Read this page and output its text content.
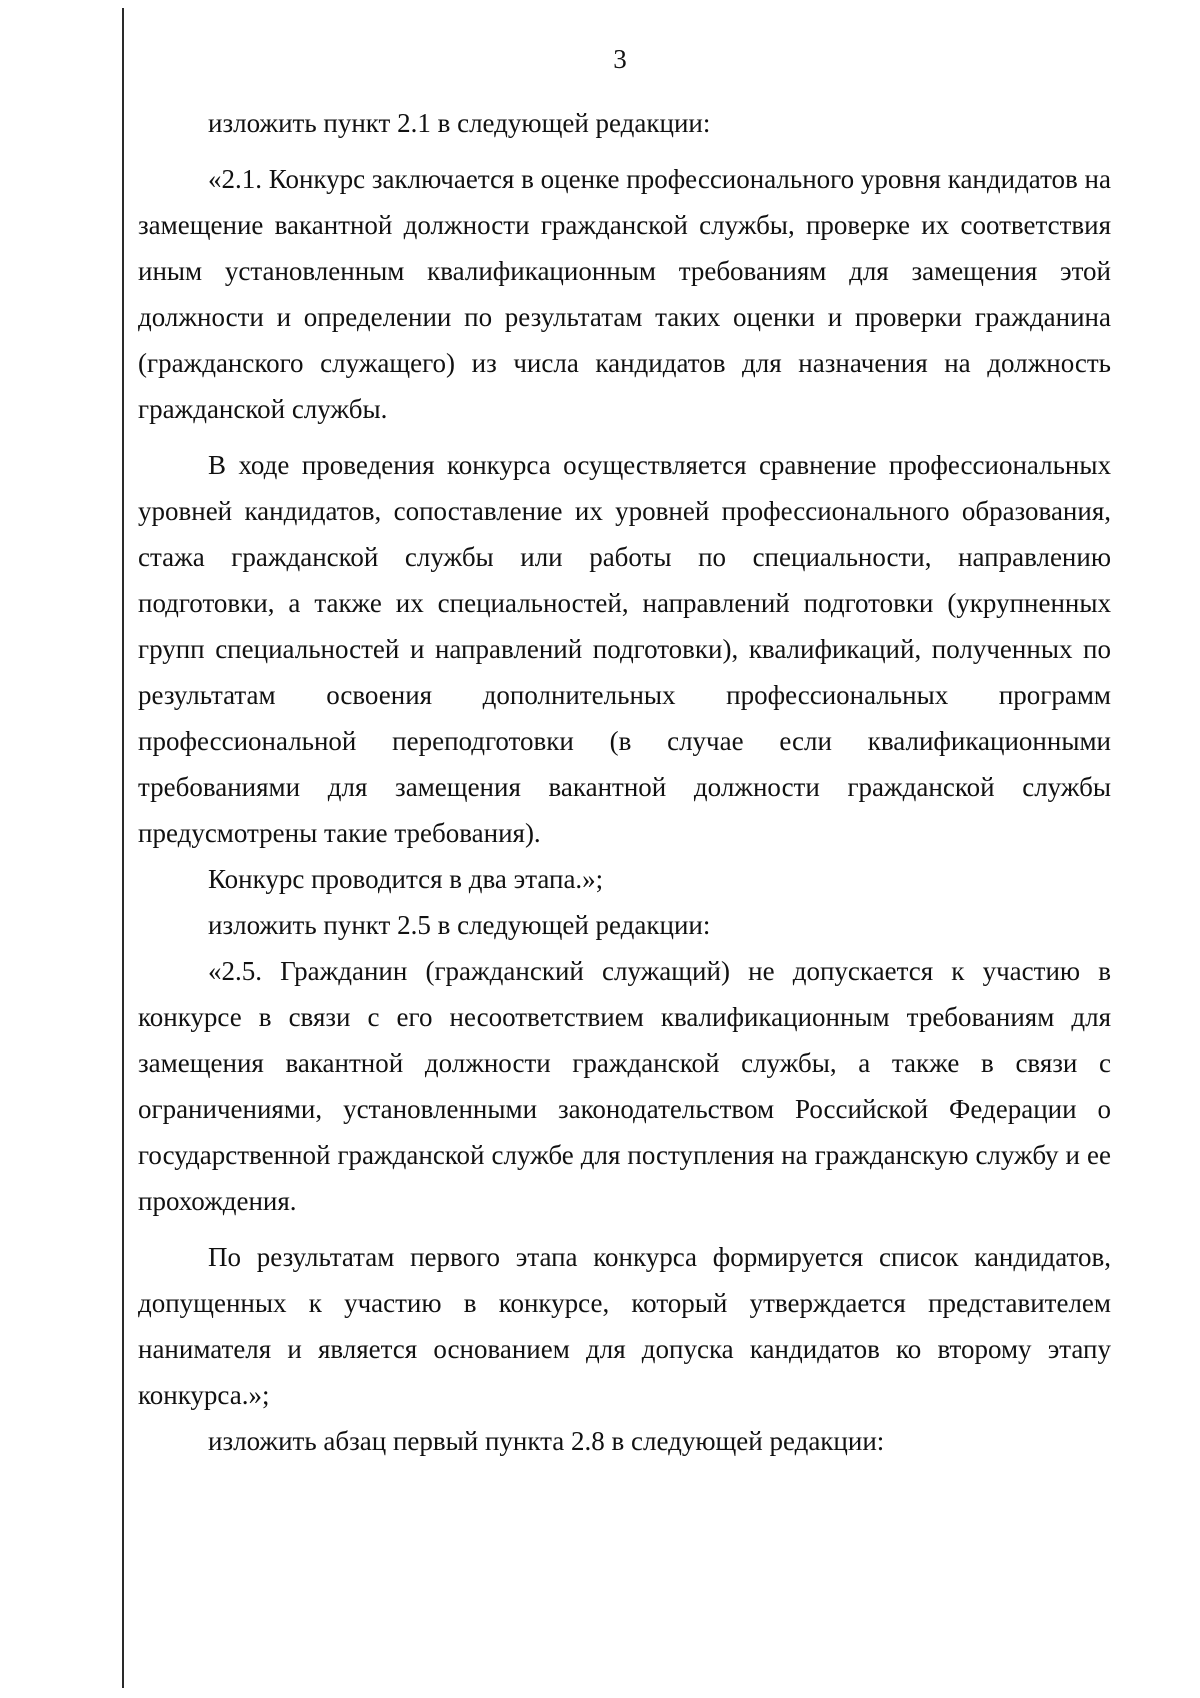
3

изложить пункт 2.1 в следующей редакции:

«2.1. Конкурс заключается в оценке профессионального уровня кандидатов на замещение вакантной должности гражданской службы, проверке их соответствия иным установленным квалификационным требованиям для замещения этой должности и определении по результатам таких оценки и проверки гражданина (гражданского служащего) из числа кандидатов для назначения на должность гражданской службы.

В ходе проведения конкурса осуществляется сравнение профессиональных уровней кандидатов, сопоставление их уровней профессионального образования, стажа гражданской службы или работы по специальности, направлению подготовки, а также их специальностей, направлений подготовки (укрупненных групп специальностей и направлений подготовки), квалификаций, полученных по результатам освоения дополнительных профессиональных программ профессиональной переподготовки (в случае если квалификационными требованиями для замещения вакантной должности гражданской службы предусмотрены такие требования).

Конкурс проводится в два этапа.»;

изложить пункт 2.5 в следующей редакции:

«2.5. Гражданин (гражданский служащий) не допускается к участию в конкурсе в связи с его несоответствием квалификационным требованиям для замещения вакантной должности гражданской службы, а также в связи с ограничениями, установленными законодательством Российской Федерации о государственной гражданской службе для поступления на гражданскую службу и ее прохождения.

По результатам первого этапа конкурса формируется список кандидатов, допущенных к участию в конкурсе, который утверждается представителем нанимателя и является основанием для допуска кандидатов ко второму этапу конкурса.»;

изложить абзац первый пункта 2.8 в следующей редакции:
